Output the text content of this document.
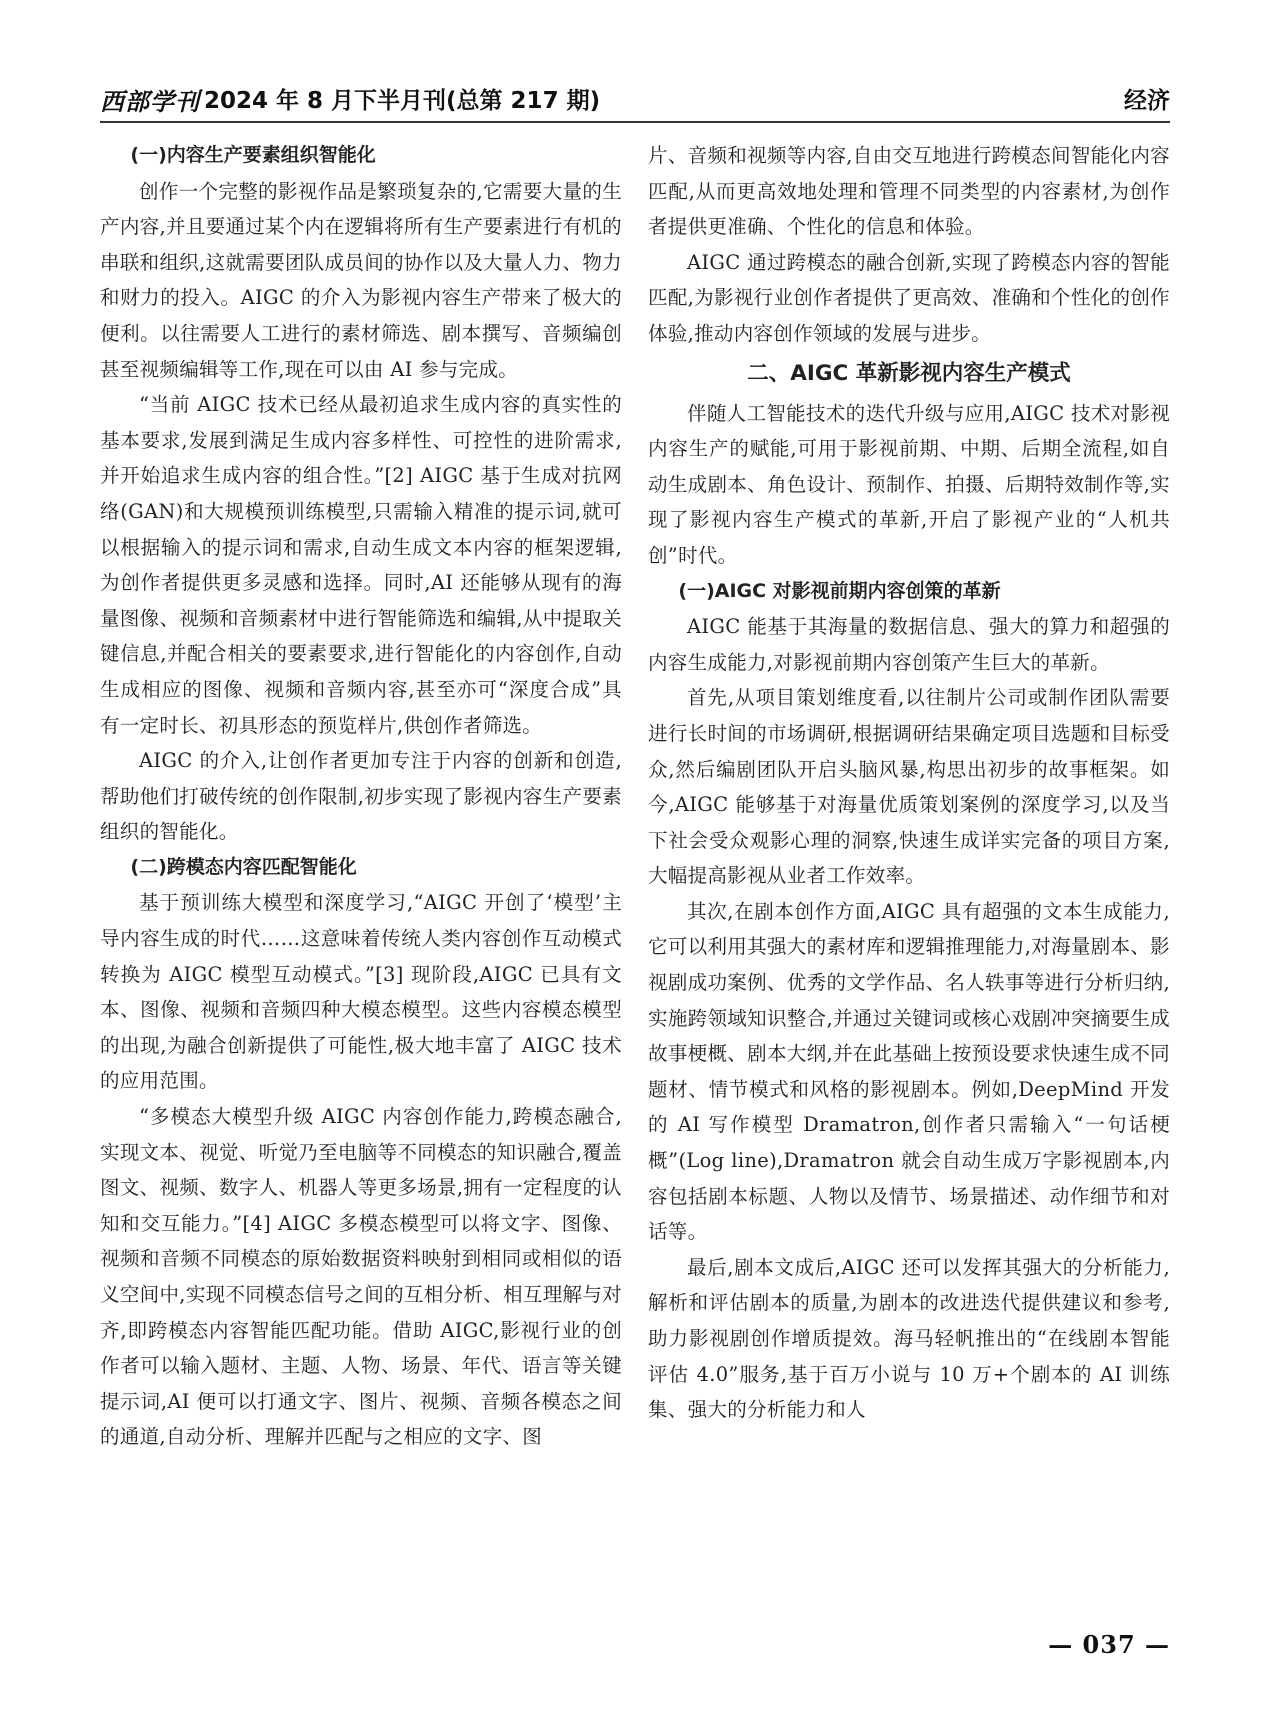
西部学刊 2024 年 8 月下半月刊(总第 217 期)	经济
(一)内容生产要素组织智能化

创作一个完整的影视作品是繁琐复杂的,它需要大量的生产内容,并且要通过某个内在逻辑将所有生产要素进行有机的串联和组织,这就需要团队成员间的协作以及大量人力、物力和财力的投入。AIGC 的介入为影视内容生产带来了极大的便利。以往需要人工进行的素材筛选、剧本撰写、音频编创甚至视频编辑等工作,现在可以由 AI 参与完成。

“当前 AIGC 技术已经从最初追求生成内容的真实性的基本要求,发展到满足生成内容多样性、可控性的进阶需求,并开始追求生成内容的组合性。”[2] AIGC 基于生成对抗网络(GAN)和大规模预训练模型,只需输入精准的提示词,就可以根据输入的提示词和需求,自动生成文本内容的框架逻辑,为创作者提供更多灵感和选择。同时,AI 还能够从现有的海量图像、视频和音频素材中进行智能筛选和编辑,从中提取关键信息,并配合相关的要素要求,进行智能化的内容创作,自动生成相应的图像、视频和音频内容,甚至亦可“深度合成”具有一定时长、初具形态的预览样片,供创作者筛选。

AIGC 的介入,让创作者更加专注于内容的创新和创造,帮助他们打破传统的创作限制,初步实现了影视内容生产要素组织的智能化。

(二)跨模态内容匹配智能化

基于预训练大模型和深度学习,“AIGC 开创了‘模型’主导内容生成的时代……这意味着传统人类内容创作互动模式转换为 AIGC 模型互动模式。”[3] 现阶段,AIGC 已具有文本、图像、视频和音频四种大模态模型。这些内容模态模型的出现,为融合创新提供了可能性,极大地丰富了 AIGC 技术的应用范围。

“多模态大模型升级 AIGC 内容创作能力,跨模态融合,实现文本、视觉、听觉乃至电脑等不同模态的知识融合,覆盖图文、视频、数字人、机器人等更多场景,拥有一定程度的认知和交互能力。”[4] AIGC 多模态模型可以将文字、图像、视频和音频不同模态的原始数据资料映射到相同或相似的语义空间中,实现不同模态信号之间的互相分析、相互理解与对齐,即跨模态内容智能匹配功能。借助 AIGC,影视行业的创作者可以输入题材、主题、人物、场景、年代、语言等关键提示词,AI 便可以打通文字、图片、视频、音频各模态之间的通道,自动分析、理解并匹配与之相应的文字、图

片、音频和视频等内容,自由交互地进行跨模态间智能化内容匹配,从而更高效地处理和管理不同类型的内容素材,为创作者提供更准确、个性化的信息和体验。

AIGC 通过跨模态的融合创新,实现了跨模态内容的智能匹配,为影视行业创作者提供了更高效、准确和个性化的创作体验,推动内容创作领域的发展与进步。

二、AIGC 革新影视内容生产模式

伴随人工智能技术的迭代升级与应用,AIGC 技术对影视内容生产的赋能,可用于影视前期、中期、后期全流程,如自动生成剧本、角色设计、预制作、拍摄、后期特效制作等,实现了影视内容生产模式的革新,开启了影视产业的“人机共创”时代。

(一)AIGC 对影视前期内容创策的革新

AIGC 能基于其海量的数据信息、强大的算力和超强的内容生成能力,对影视前期内容创策产生巨大的革新。

首先,从项目策划维度看,以往制片公司或制作团队需要进行长时间的市场调研,根据调研结果确定项目选题和目标受众,然后编剧团队开启头脑风暴,构思出初步的故事框架。如今,AIGC 能够基于对海量优质策划案例的深度学习,以及当下社会受众观影心理的洞察,快速生成详实完备的项目方案,大幅提高影视从业者工作效率。

其次,在剧本创作方面,AIGC 具有超强的文本生成能力,它可以利用其强大的素材库和逻辑推理能力,对海量剧本、影视剧成功案例、优秀的文学作品、名人轶事等进行分析归纳,实施跨领域知识整合,并通过关键词或核心戏剧冲突摘要生成故事梗概、剧本大纲,并在此基础上按预设要求快速生成不同题材、情节模式和风格的影视剧本。例如,DeepMind 开发的 AI 写作模型 Dramatron,创作者只需输入“一句话梗概”(Log line),Dramatron 就会自动生成万字影视剧本,内容包括剧本标题、人物以及情节、场景描述、动作细节和对话等。

最后,剧本文成后,AIGC 还可以发挥其强大的分析能力,解析和评估剧本的质量,为剧本的改进迭代提供建议和参考,助力影视剧创作增质提效。海马轻帆推出的“在线剧本智能评估 4.0”服务,基于百万小说与 10 万+个剧本的 AI 训练集、强大的分析能力和人

— 037 —
